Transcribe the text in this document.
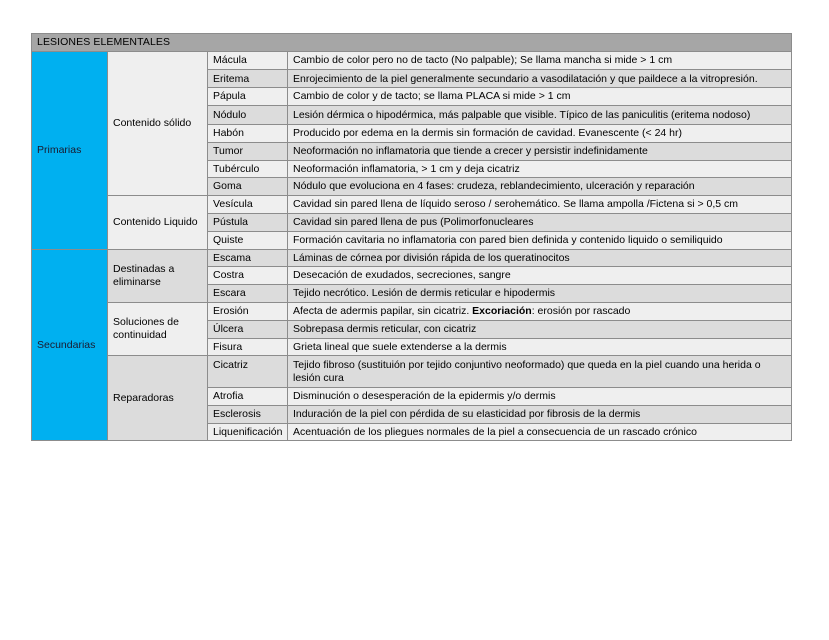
LESIONES ELEMENTALES			
Primarias	Contenido sólido	Mácula	Cambio de color pero no de tacto (No palpable); Se llama mancha si mide > 1 cm
		Eritema	Enrojecimiento de la piel generalmente secundario a vasodilatación y que paildece a la vitropresión.
		Pápula	Cambio de color y de tacto; se llama PLACA si mide > 1 cm
		Nódulo	Lesión dérmica o hipodérmica, más palpable que visible. Típico de las paniculitis (eritema nodoso)
		Habón	Producido por edema en la dermis sin formación de cavidad. Evanescente (< 24 hr)
		Tumor	Neoformación no inflamatoria que tiende a crecer y persistir indefinidamente
		Tubérculo	Neoformación inflamatoria, > 1 cm y deja cicatriz
		Goma	Nódulo que evoluciona en 4 fases: crudeza, reblandecimiento, ulceración y reparación
	Contenido Liquido	Vesícula	Cavidad sin pared llena de líquido seroso / serohemático. Se llama ampolla /Fictena si > 0,5 cm
		Pústula	Cavidad sin pared llena de pus (Polimorfonucleares
		Quiste	Formación cavitaria no inflamatoria con pared bien definida y contenido liquido o semiliquido
Secundarias	Destinadas a eliminarse	Escama	Láminas de córnea por división rápida de los queratinocitos
		Costra	Desecación de exudados, secreciones, sangre
		Escara	Tejido necrótico. Lesión de dermis reticular e hipodermis
	Soluciones de continuidad	Erosión	Afecta de adermis papilar, sin cicatriz. Excoriación: erosión por rascado
		Úlcera	Sobrepasa dermis reticular, con cicatriz
		Fisura	Grieta lineal que suele extenderse a la dermis
	Reparadoras	Cicatriz	Tejido fibroso (sustituión por tejido conjuntivo neoformado) que queda en la piel cuando una herida o lesión cura
		Atrofia	Disminución o desesperación de la epidermis y/o dermis
		Esclerosis	Induración de la piel con pérdida de su elasticidad por fibrosis de la dermis
		Liquenificación	Acentuación de los pliegues normales de la piel a consecuencia de un rascado crónico
